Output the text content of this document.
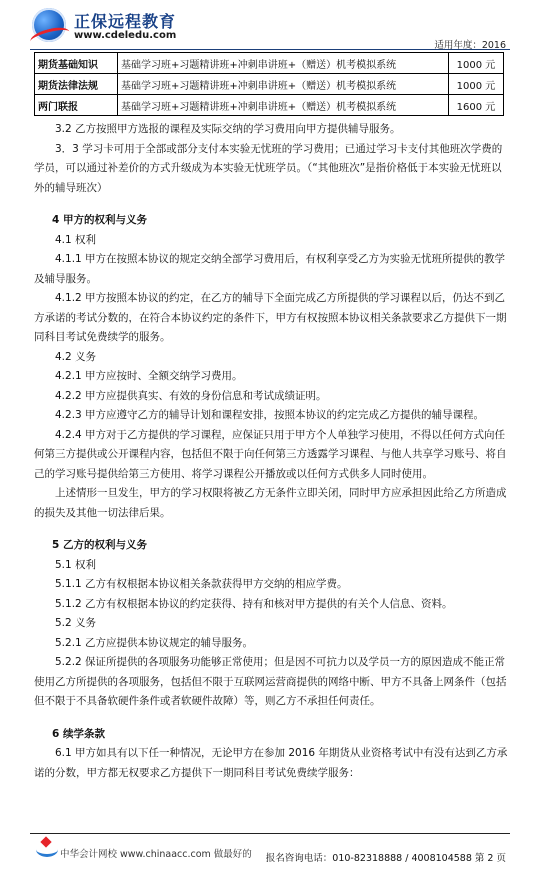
正保远程教育
www.cdeledu.com
适用年度：2016
期货基础知识	基础学习班+习题精讲班+冲刺串讲班+（赠送）机考模拟系统	1000 元
期货法律法规	基础学习班+习题精讲班+冲刺串讲班+（赠送）机考模拟系统	1000 元
两门联报	基础学习班+习题精讲班+冲刺串讲班+（赠送）机考模拟系统	1600 元

3.2 乙方按照甲方选报的课程及实际交纳的学习费用向甲方提供辅导服务。

3．3 学习卡可用于全部或部分支付本实验无忧班的学习费用；已通过学习卡支付其他班次学费的学员，可以通过补差价的方式升级成为本实验无忧班学员。（“其他班次”是指价格低于本实验无忧班以外的辅导班次）

4 甲方的权利与义务

4.1 权利

4.1.1 甲方在按照本协议的规定交纳全部学习费用后，有权利享受乙方为实验无忧班所提供的教学及辅导服务。

4.1.2 甲方按照本协议的约定，在乙方的辅导下全面完成乙方所提供的学习课程以后，仍达不到乙方承诺的考试分数的，在符合本协议约定的条件下，甲方有权按照本协议相关条款要求乙方提供下一期同科目考试免费续学的服务。

4.2 义务

4.2.1 甲方应按时、全额交纳学习费用。

4.2.2 甲方应提供真实、有效的身份信息和考试成绩证明。

4.2.3 甲方应遵守乙方的辅导计划和课程安排，按照本协议的约定完成乙方提供的辅导课程。

4.2.4 甲方对于乙方提供的学习课程，应保证只用于甲方个人单独学习使用，不得以任何方式向任何第三方提供或公开课程内容，包括但不限于向任何第三方透露学习课程、与他人共享学习账号、将自己的学习账号提供给第三方使用、将学习课程公开播放或以任何方式供多人同时使用。

上述情形一旦发生，甲方的学习权限将被乙方无条件立即关闭，同时甲方应承担因此给乙方所造成的损失及其他一切法律后果。

5 乙方的权利与义务

5.1 权利

5.1.1 乙方有权根据本协议相关条款获得甲方交纳的相应学费。

5.1.2 乙方有权根据本协议的约定获得、持有和核对甲方提供的有关个人信息、资料。

5.2 义务

5.2.1 乙方应提供本协议规定的辅导服务。

5.2.2 保证所提供的各项服务功能够正常使用；但是因不可抗力以及学员一方的原因造成不能正常使用乙方所提供的各项服务，包括但不限于互联网运营商提供的网络中断、甲方不具备上网条件（包括但不限于不具备软硬件条件或者软硬件故障）等，则乙方不承担任何责任。

6 续学条款

6.1 甲方如具有以下任一种情况，无论甲方在参加 2016 年期货从业资格考试中有没有达到乙方承诺的分数，甲方都无权要求乙方提供下一期同科目考试免费续学服务：

中华会计网校 www.chinaacc.com 做最好的 报名咨询电话：010-82318888 / 4008104588 第 2 页
